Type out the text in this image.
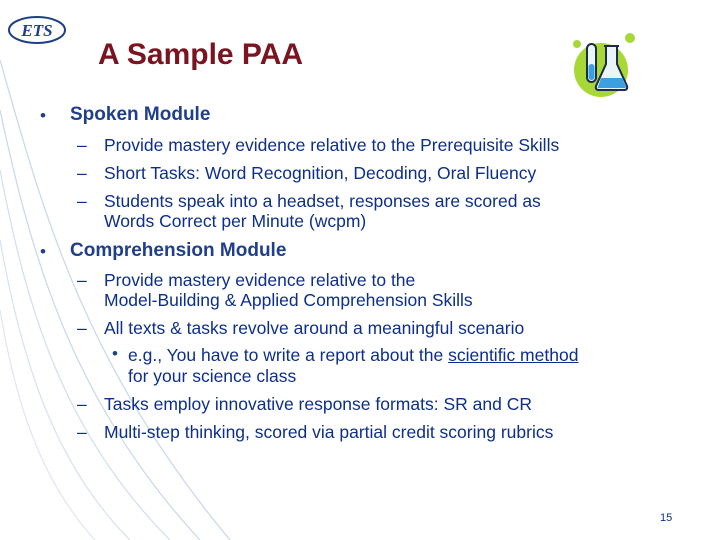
ETS
A Sample PAA
• Spoken Module
– Provide mastery evidence relative to the Prerequisite Skills
– Short Tasks: Word Recognition, Decoding, Oral Fluency
– Students speak into a headset, responses are scored as
Words Correct per Minute (wcpm)
• Comprehension Module
– Provide mastery evidence relative to the
Model-Building & Applied Comprehension Skills
– All texts & tasks revolve around a meaningful scenario
• e.g., You have to write a report about the scientific method
for your science class
– Tasks employ innovative response formats: SR and CR
– Multi-step thinking, scored via partial credit scoring rubrics
15
